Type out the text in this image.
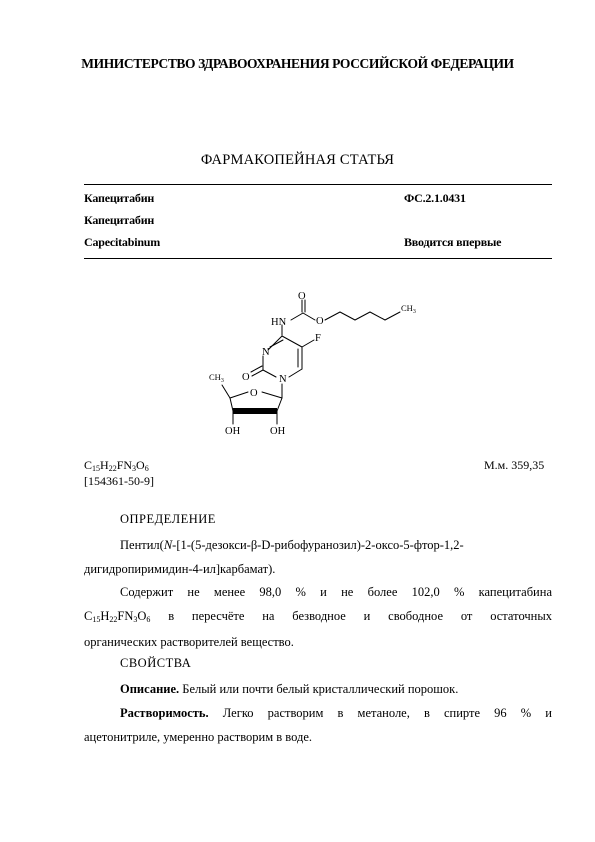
МИНИСТЕРСТВО ЗДРАВООХРАНЕНИЯ РОССИЙСКОЙ ФЕДЕРАЦИИ
ФАРМАКОПЕЙНАЯ СТАТЬЯ
Капецитабин	ФС.2.1.0431
Капецитабин
Capecitabinum	Вводится впервые
O
HN	O
$CH_3$
F
N
O	N
$CH_3$
O
OH	OH
$C_{15}H_{22}FN_3O_6$	М.м. 359,35
[154361-50-9]
ОПРЕДЕЛЕНИЕ
Пентил(N-[1-(5-дезокси-β-D-рибофуранозил)-2-оксо-5-фтор-1,2-
дигидропиримидин-4-ил]карбамат).
Содержит не менее 98,0 % и не более 102,0 % капецитабина
$C_{15}H_{22}FN_3O_6$ в пересчёте на безводное и свободное от остаточных
органических растворителей вещество.
СВОЙСТВА
Описание. Белый или почти белый кристаллический порошок.
Растворимость. Легко растворим в метаноле, в спирте 96 % и
ацетонитриле, умеренно растворим в воде.
